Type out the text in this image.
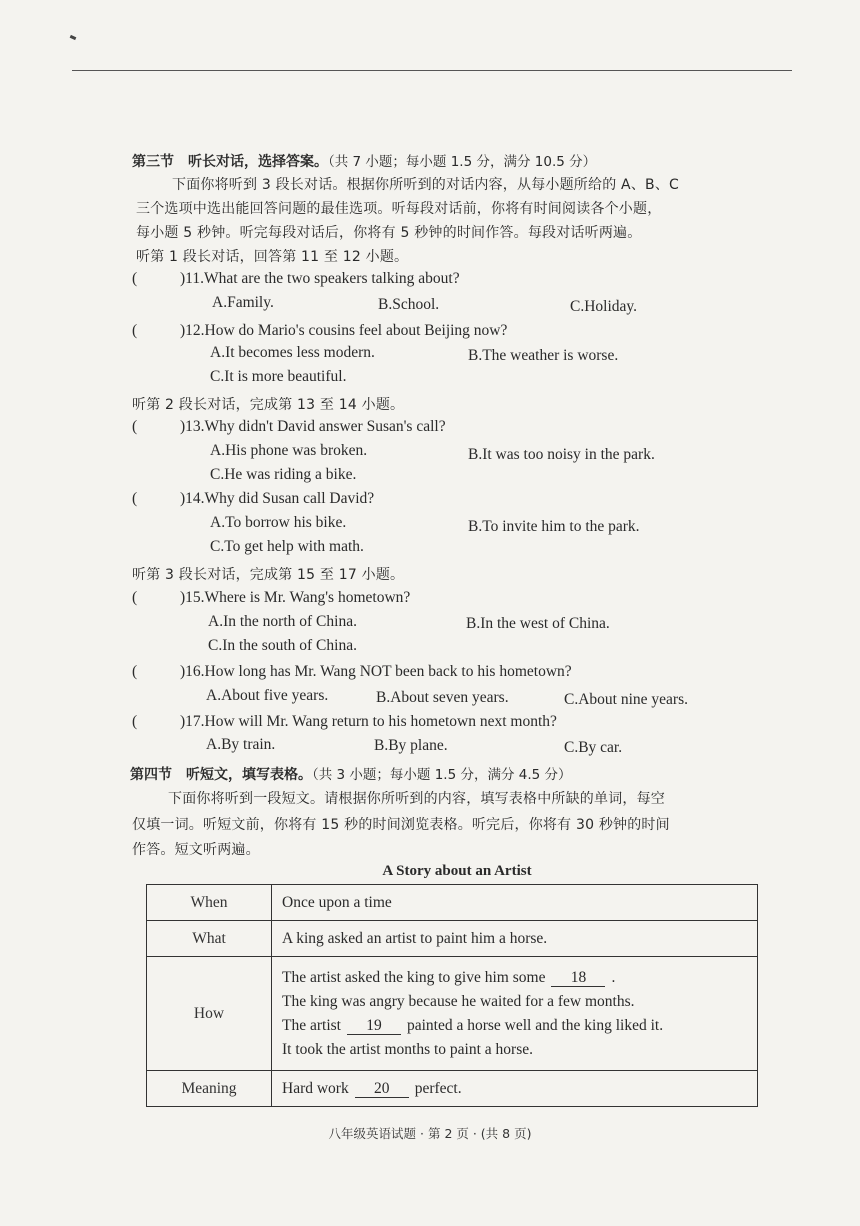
第三节　听长对话，选择答案。（共 7 小题；每小题 1.5 分，满分 10.5 分）
下面你将听到 3 段长对话。根据你所听到的对话内容，从每小题所给的 A、B、C
三个选项中选出能回答问题的最佳选项。听每段对话前，你将有时间阅读各个小题，
每小题 5 秒钟。听完每段对话后，你将有 5 秒钟的时间作答。每段对话听两遍。
听第 1 段长对话，回答第 11 至 12 小题。
(	)11.What are the two speakers talking about?
A.Family.	B.School.	C.Holiday.
(	)12.How do Mario's cousins feel about Beijing now?
A.It becomes less modern.	B.The weather is worse.
C.It is more beautiful.
听第 2 段长对话，完成第 13 至 14 小题。
(	)13.Why didn't David answer Susan's call?
A.His phone was broken.	B.It was too noisy in the park.
C.He was riding a bike.
(	)14.Why did Susan call David?
A.To borrow his bike.	B.To invite him to the park.
C.To get help with math.
听第 3 段长对话，完成第 15 至 17 小题。
(	)15.Where is Mr. Wang's hometown?
A.In the north of China.	B.In the west of China.
C.In the south of China.
(	)16.How long has Mr. Wang NOT been back to his hometown?
A.About five years.	B.About seven years.	C.About nine years.
(	)17.How will Mr. Wang return to his hometown next month?
A.By train.	B.By plane.	C.By car.
第四节　听短文，填写表格。（共 3 小题；每小题 1.5 分，满分 4.5 分）
下面你将听到一段短文。请根据你所听到的内容，填写表格中所缺的单词，每空
仅填一词。听短文前，你将有 15 秒的时间浏览表格。听完后，你将有 30 秒钟的时间
作答。短文听两遍。
A Story about an Artist
When	Once upon a time
What	A king asked an artist to paint him a horse.
How	The artist asked the king to give him some 18 .
The king was angry because he waited for a few months.
The artist 19 painted a horse well and the king liked it.
It took the artist months to paint a horse.

Meaning	Hard work 20 perfect.
八年级英语试题 · 第 2 页 · (共 8 页)
